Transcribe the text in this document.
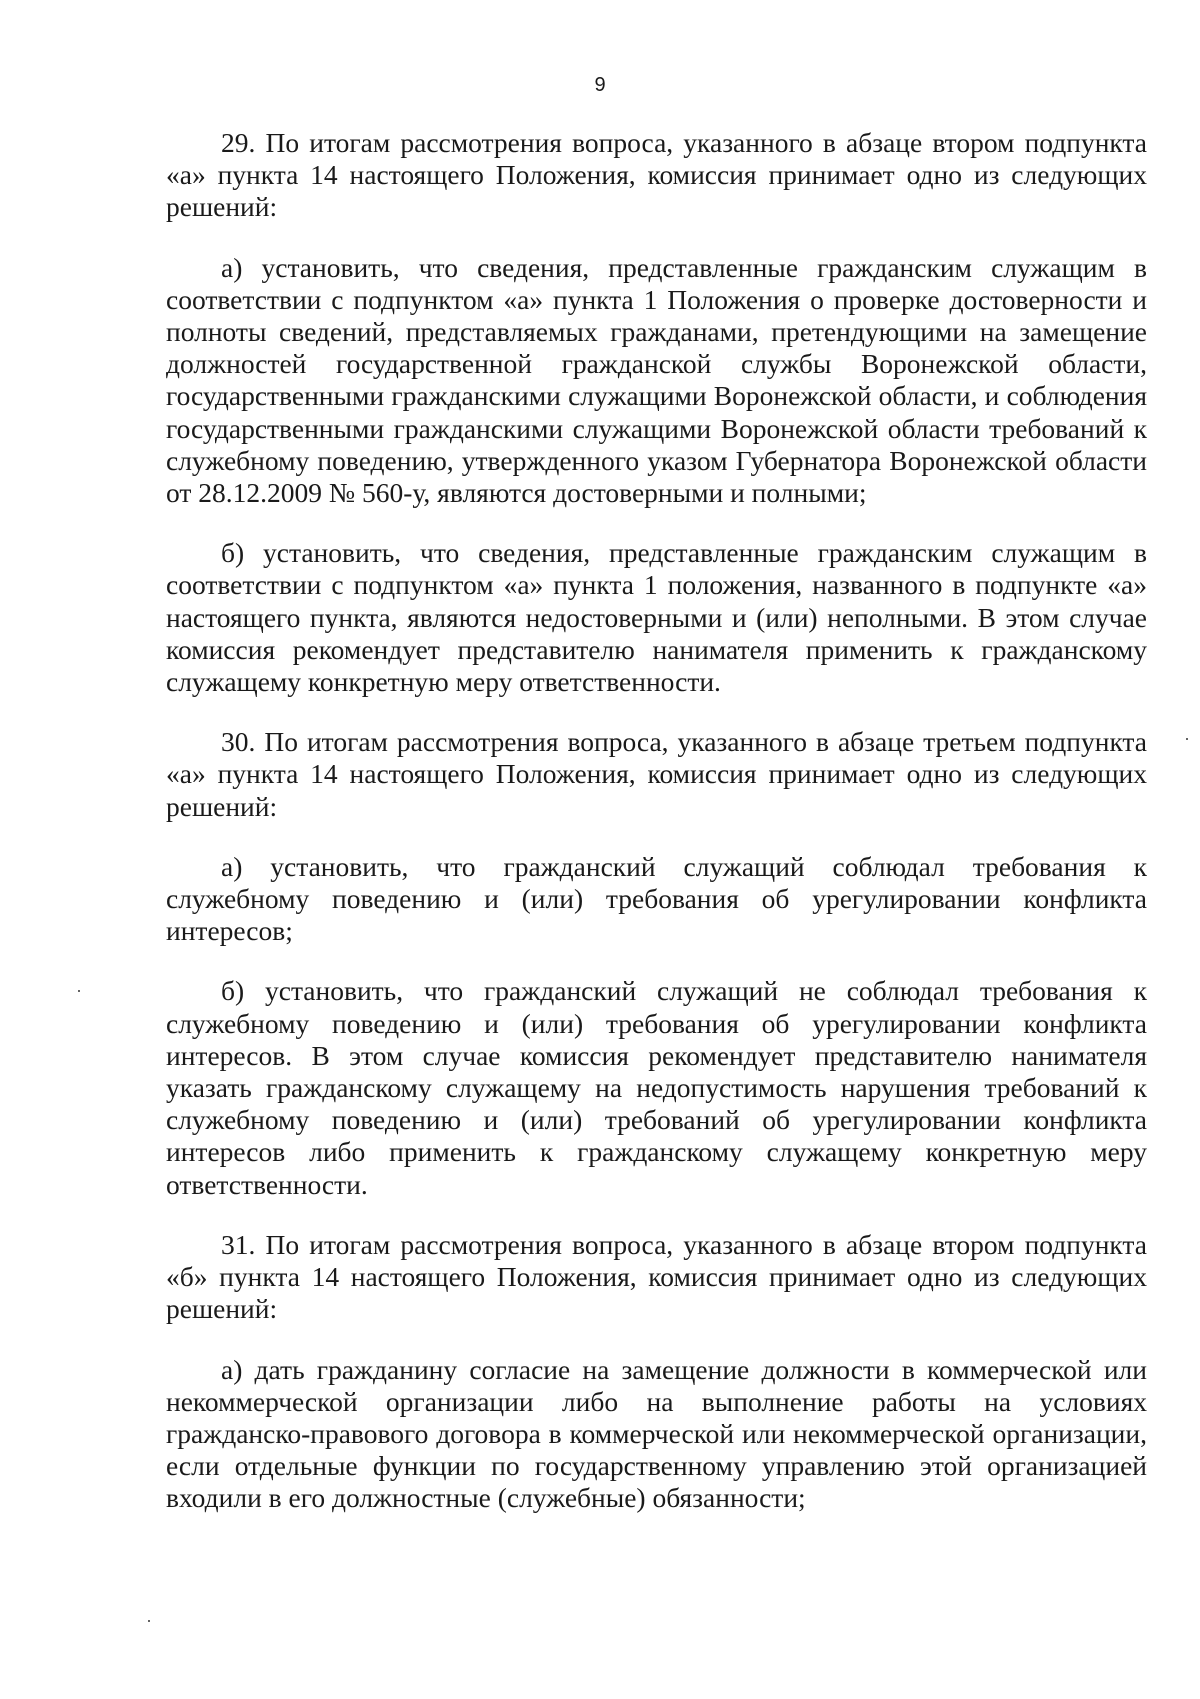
9

29. По итогам рассмотрения вопроса, указанного в абзаце втором подпункта «а» пункта 14 настоящего Положения, комиссия принимает одно из следующих решений:

а) установить, что сведения, представленные гражданским служащим в соответствии с подпунктом «а» пункта 1 Положения о проверке достоверности и полноты сведений, представляемых гражданами, претендующими на замещение должностей государственной гражданской службы Воронежской области, государственными гражданскими служащими Воронежской области, и соблюдения государственными гражданскими служащими Воронежской области требований к служебному поведению, утвержденного указом Губернатора Воронежской области от 28.12.2009 № 560-у, являются достоверными и полными;

б) установить, что сведения, представленные гражданским служащим в соответствии с подпунктом «а» пункта 1 положения, названного в подпункте «а» настоящего пункта, являются недостоверными и (или) неполными. В этом случае комиссия рекомендует представителю нанимателя применить к гражданскому служащему конкретную меру ответственности.

30. По итогам рассмотрения вопроса, указанного в абзаце третьем подпункта «а» пункта 14 настоящего Положения, комиссия принимает одно из следующих решений:

а) установить, что гражданский служащий соблюдал требования к служебному поведению и (или) требования об урегулировании конфликта интересов;

б) установить, что гражданский служащий не соблюдал требования к служебному поведению и (или) требования об урегулировании конфликта интересов. В этом случае комиссия рекомендует представителю нанимателя указать гражданскому служащему на недопустимость нарушения требований к служебному поведению и (или) требований об урегулировании конфликта интересов либо применить к гражданскому служащему конкретную меру ответственности.

31. По итогам рассмотрения вопроса, указанного в абзаце втором подпункта «б» пункта 14 настоящего Положения, комиссия принимает одно из следующих решений:

а) дать гражданину согласие на замещение должности в коммерческой или некоммерческой организации либо на выполнение работы на условиях гражданско-правового договора в коммерческой или некоммерческой организации, если отдельные функции по государственному управлению этой организацией входили в его должностные (служебные) обязанности;
